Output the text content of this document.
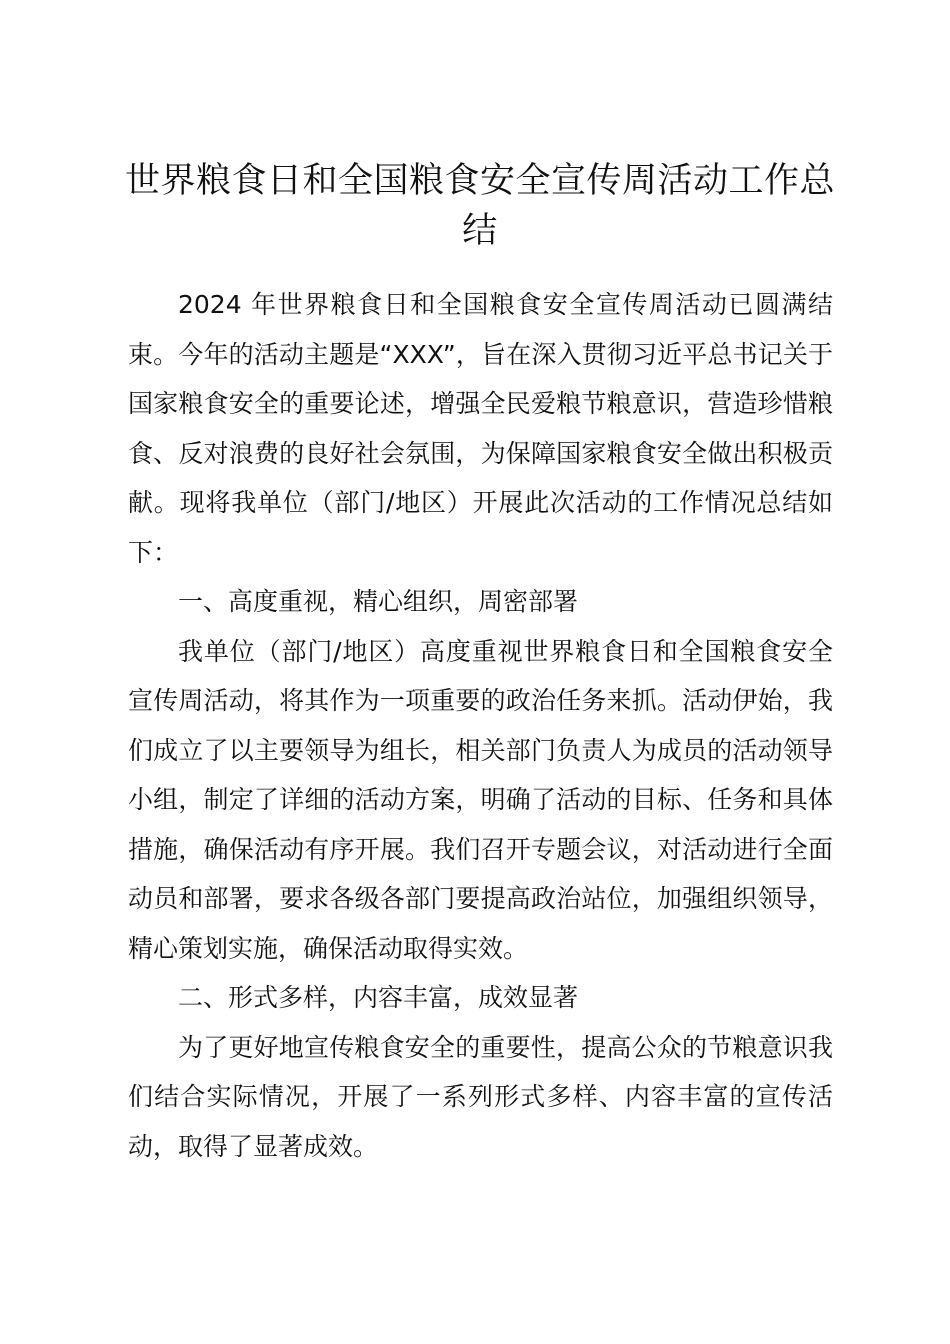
世界粮食日和全国粮食安全宣传周活动工作总结

2024 年世界粮食日和全国粮食安全宣传周活动已圆满结束。今年的活动主题是“XXX”，旨在深入贯彻习近平总书记关于国家粮食安全的重要论述，增强全民爱粮节粮意识，营造珍惜粮食、反对浪费的良好社会氛围，为保障国家粮食安全做出积极贡献。现将我单位（部门/地区）开展此次活动的工作情况总结如下：

一、高度重视，精心组织，周密部署

我单位（部门/地区）高度重视世界粮食日和全国粮食安全宣传周活动，将其作为一项重要的政治任务来抓。活动伊始，我们成立了以主要领导为组长，相关部门负责人为成员的活动领导小组，制定了详细的活动方案，明确了活动的目标、任务和具体措施，确保活动有序开展。我们召开专题会议，对活动进行全面动员和部署，要求各级各部门要提高政治站位，加强组织领导，精心策划实施，确保活动取得实效。

二、形式多样，内容丰富，成效显著

为了更好地宣传粮食安全的重要性，提高公众的节粮意识我们结合实际情况，开展了一系列形式多样、内容丰富的宣传活动，取得了显著成效。
